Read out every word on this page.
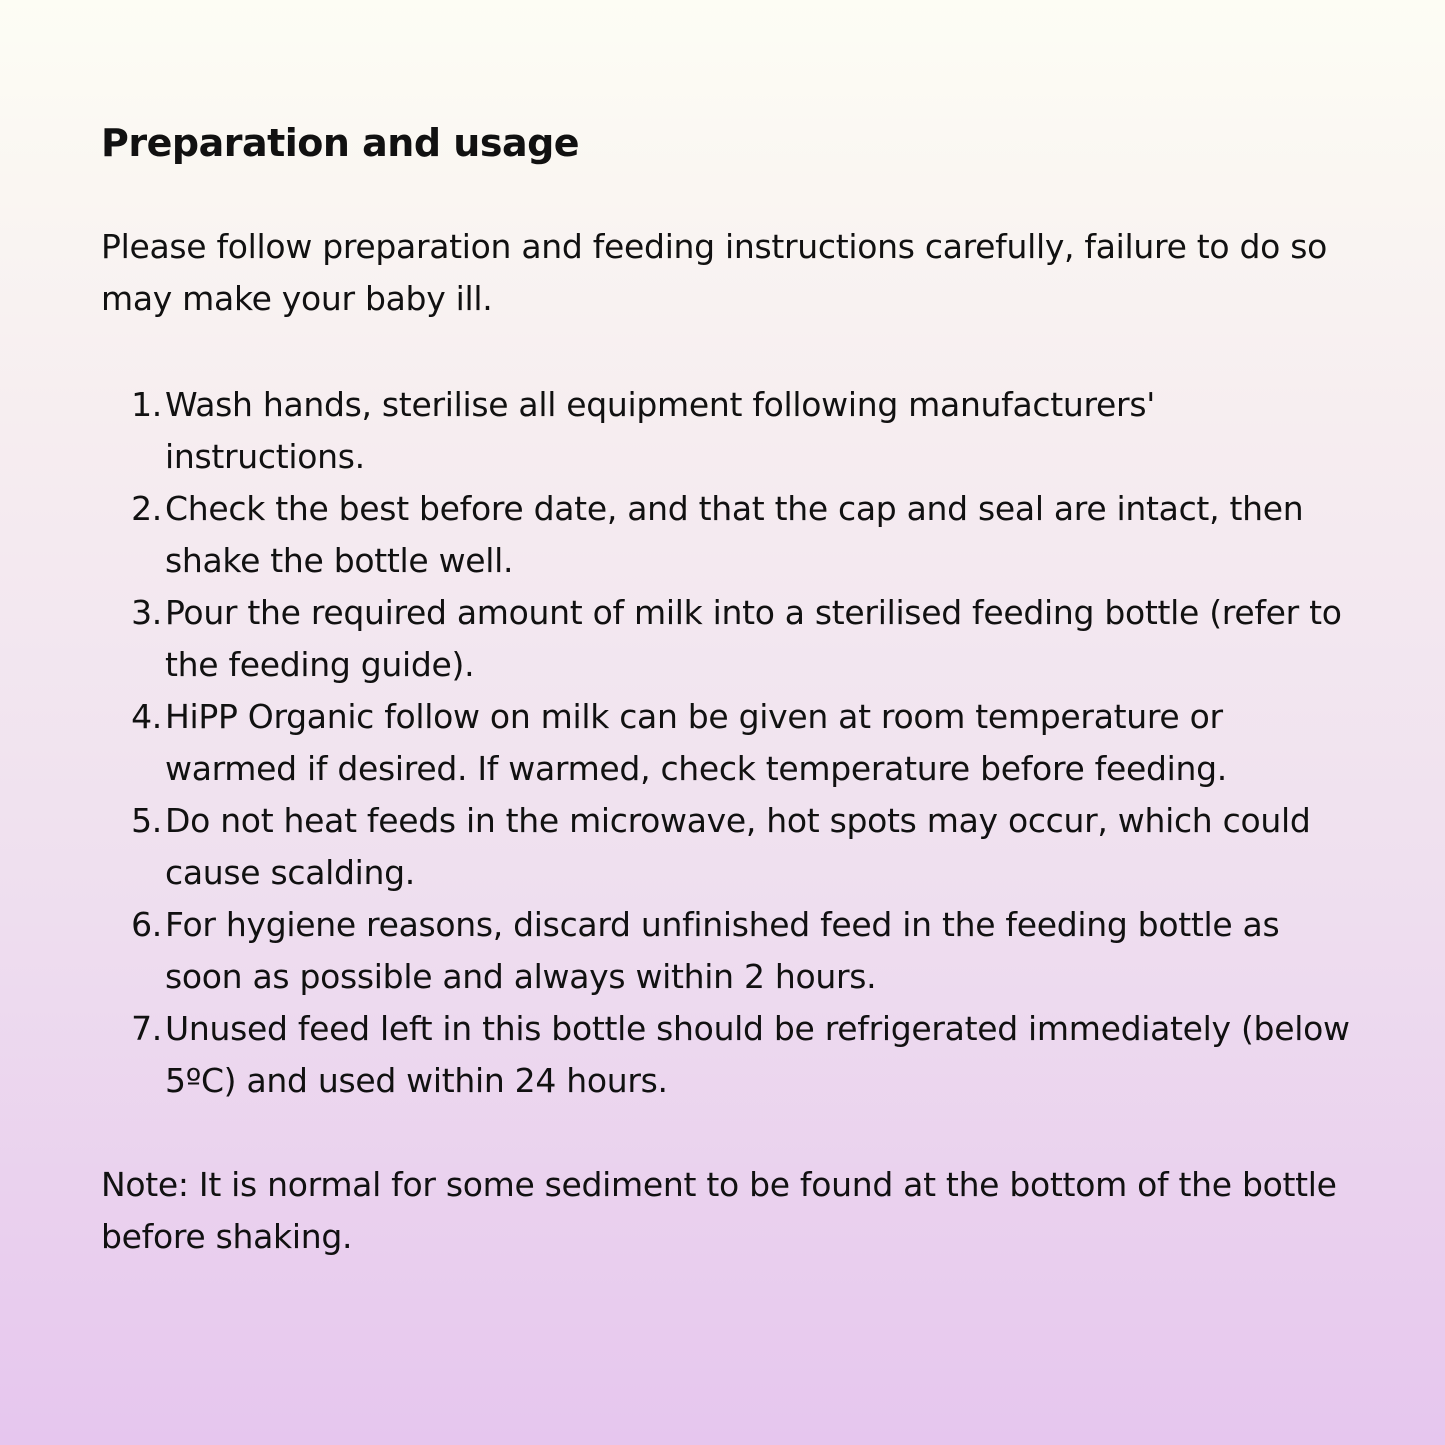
Preparation and usage

Please follow preparation and feeding instructions carefully, failure to do so may make your baby ill.

1. Wash hands, sterilise all equipment following manufacturers' instructions.
2. Check the best before date, and that the cap and seal are intact, then shake the bottle well.
3. Pour the required amount of milk into a sterilised feeding bottle (refer to the feeding guide).
4. HiPP Organic follow on milk can be given at room temperature or warmed if desired. If warmed, check temperature before feeding.
5. Do not heat feeds in the microwave, hot spots may occur, which could cause scalding.
6. For hygiene reasons, discard unfinished feed in the feeding bottle as soon as possible and always within 2 hours.
7. Unused feed left in this bottle should be refrigerated immediately (below 5ºC) and used within 24 hours.

Note: It is normal for some sediment to be found at the bottom of the bottle before shaking.
